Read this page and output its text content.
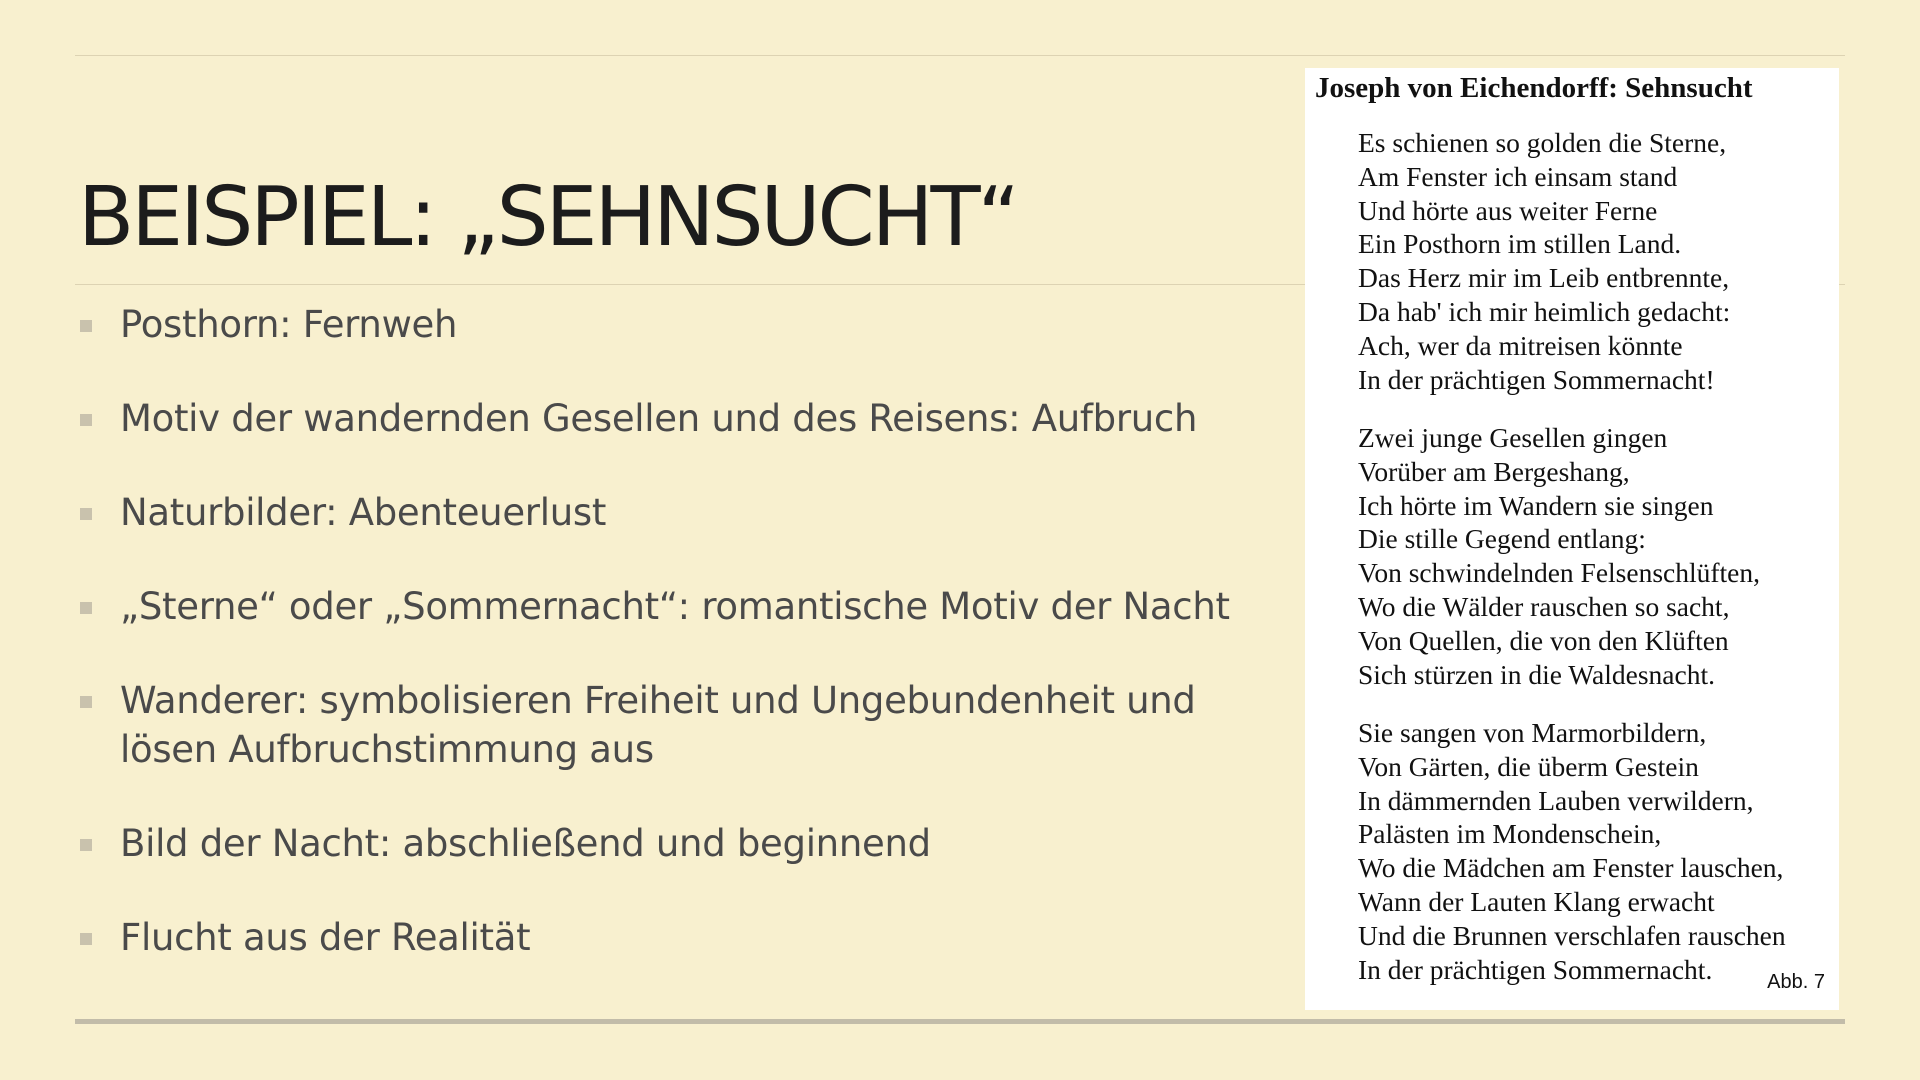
BEISPIEL: „SEHNSUCHT“
Posthorn: Fernweh
Motiv der wandernden Gesellen und des Reisens: Aufbruch
Naturbilder: Abenteuerlust
„Sterne“ oder „Sommernacht“: romantische Motiv der Nacht
Wanderer: symbolisieren Freiheit und Ungebundenheit und lösen Aufbruchstimmung aus
Bild der Nacht: abschließend und beginnend
Flucht aus der Realität
Joseph von Eichendorff: Sehnsucht
Es schienen so golden die Sterne,
Am Fenster ich einsam stand
Und hörte aus weiter Ferne
Ein Posthorn im stillen Land.
Das Herz mir im Leib entbrennte,
Da hab' ich mir heimlich gedacht:
Ach, wer da mitreisen könnte
In der prächtigen Sommernacht!
Zwei junge Gesellen gingen
Vorüber am Bergeshang,
Ich hörte im Wandern sie singen
Die stille Gegend entlang:
Von schwindelnden Felsenschlüften,
Wo die Wälder rauschen so sacht,
Von Quellen, die von den Klüften
Sich stürzen in die Waldesnacht.
Sie sangen von Marmorbildern,
Von Gärten, die überm Gestein
In dämmernden Lauben verwildern,
Palästen im Mondenschein,
Wo die Mädchen am Fenster lauschen,
Wann der Lauten Klang erwacht
Und die Brunnen verschlafen rauschen
In der prächtigen Sommernacht.	Abb. 7
